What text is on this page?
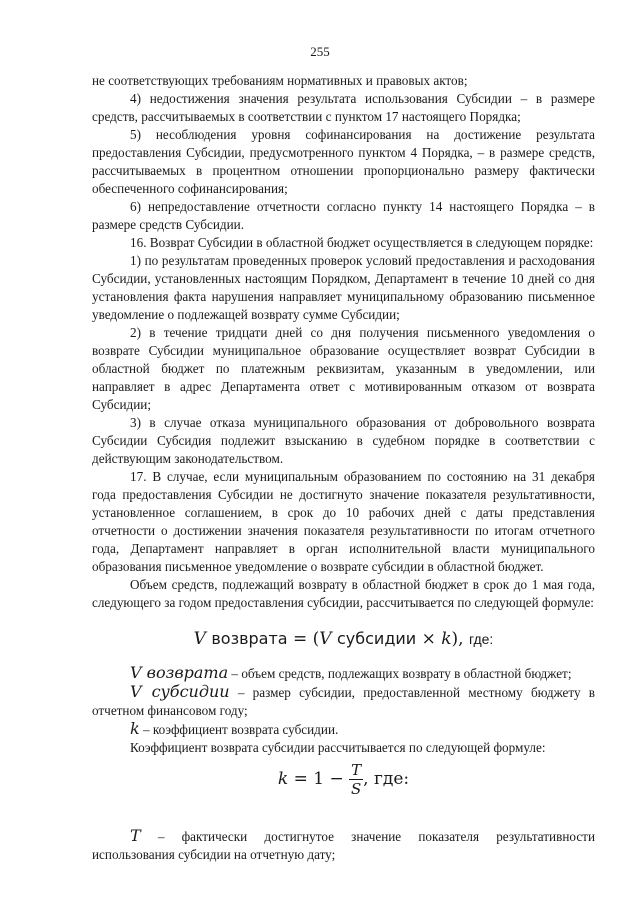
255

не соответствующих требованиям нормативных и правовых актов;

4) недостижения значения результата использования Субсидии – в размере средств, рассчитываемых в соответствии с пунктом 17 настоящего Порядка;

5) несоблюдения уровня софинансирования на достижение результата предоставления Субсидии, предусмотренного пунктом 4 Порядка, – в размере средств, рассчитываемых в процентном отношении пропорционально размеру фактически обеспеченного софинансирования;

6) непредоставление отчетности согласно пункту 14 настоящего Порядка – в размере средств Субсидии.

16. Возврат Субсидии в областной бюджет осуществляется в следующем порядке:

1) по результатам проведенных проверок условий предоставления и расходования Субсидии, установленных настоящим Порядком, Департамент в течение 10 дней со дня установления факта нарушения направляет муниципальному образованию письменное уведомление о подлежащей возврату сумме Субсидии;

2) в течение тридцати дней со дня получения письменного уведомления о возврате Субсидии муниципальное образование осуществляет возврат Субсидии в областной бюджет по платежным реквизитам, указанным в уведомлении, или направляет в адрес Департамента ответ с мотивированным отказом от возврата Субсидии;

3) в случае отказа муниципального образования от добровольного возврата Субсидии Субсидия подлежит взысканию в судебном порядке в соответствии с действующим законодательством.

17. В случае, если муниципальным образованием по состоянию на 31 декабря года предоставления Субсидии не достигнуто значение показателя результативности, установленное соглашением, в срок до 10 рабочих дней с даты представления отчетности о достижении значения показателя результативности по итогам отчетного года, Департамент направляет в орган исполнительной власти муниципального образования письменное уведомление о возврате субсидии в областной бюджет.

Объем средств, подлежащий возврату в областной бюджет в срок до 1 мая года, следующего за годом предоставления субсидии, рассчитывается по следующей формуле:

V возврата = (V субсидии × k), где:

V возврата – объем средств, подлежащих возврату в областной бюджет;

V субсидии – размер субсидии, предоставленной местному бюджету в отчетном финансовом году;

k – коэффициент возврата субсидии.

Коэффициент возврата субсидии рассчитывается по следующей формуле:

$k = 1 - \frac{T}{S}$ , где:

T – фактически достигнутое значение показателя результативности использования субсидии на отчетную дату;
